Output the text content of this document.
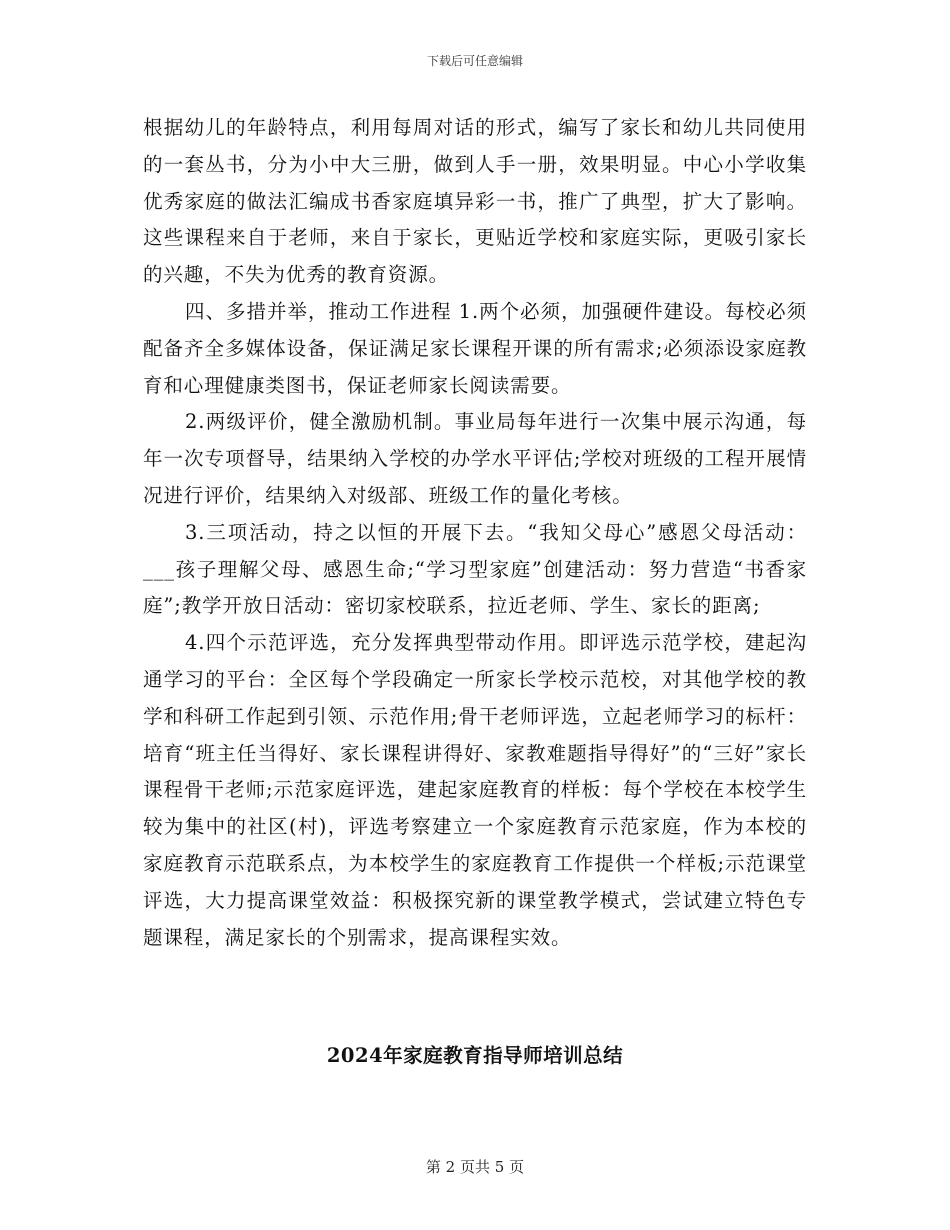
下载后可任意编辑

根据幼儿的年龄特点，利用每周对话的形式，编写了家长和幼儿共同使用的一套丛书，分为小中大三册，做到人手一册，效果明显。中心小学收集优秀家庭的做法汇编成书香家庭填异彩一书，推广了典型，扩大了影响。这些课程来自于老师，来自于家长，更贴近学校和家庭实际，更吸引家长的兴趣，不失为优秀的教育资源。

四、多措并举，推动工作进程 1.两个必须，加强硬件建设。每校必须配备齐全多媒体设备，保证满足家长课程开课的所有需求;必须添设家庭教育和心理健康类图书，保证老师家长阅读需要。

2.两级评价，健全激励机制。事业局每年进行一次集中展示沟通，每年一次专项督导，结果纳入学校的办学水平评估;学校对班级的工程开展情况进行评价，结果纳入对级部、班级工作的量化考核。

3.三项活动，持之以恒的开展下去。“我知父母心”感恩父母活动：___孩子理解父母、感恩生命;“学习型家庭”创建活动：努力营造“书香家庭”;教学开放日活动：密切家校联系，拉近老师、学生、家长的距离;

4.四个示范评选，充分发挥典型带动作用。即评选示范学校，建起沟通学习的平台：全区每个学段确定一所家长学校示范校，对其他学校的教学和科研工作起到引领、示范作用;骨干老师评选，立起老师学习的标杆：培育“班主任当得好、家长课程讲得好、家教难题指导得好”的“三好”家长课程骨干老师;示范家庭评选，建起家庭教育的样板：每个学校在本校学生较为集中的社区(村)，评选考察建立一个家庭教育示范家庭，作为本校的家庭教育示范联系点，为本校学生的家庭教育工作提供一个样板;示范课堂评选，大力提高课堂效益：积极探究新的课堂教学模式，尝试建立特色专题课程，满足家长的个别需求，提高课程实效。

2024年家庭教育指导师培训总结
第 2 页共 5 页
